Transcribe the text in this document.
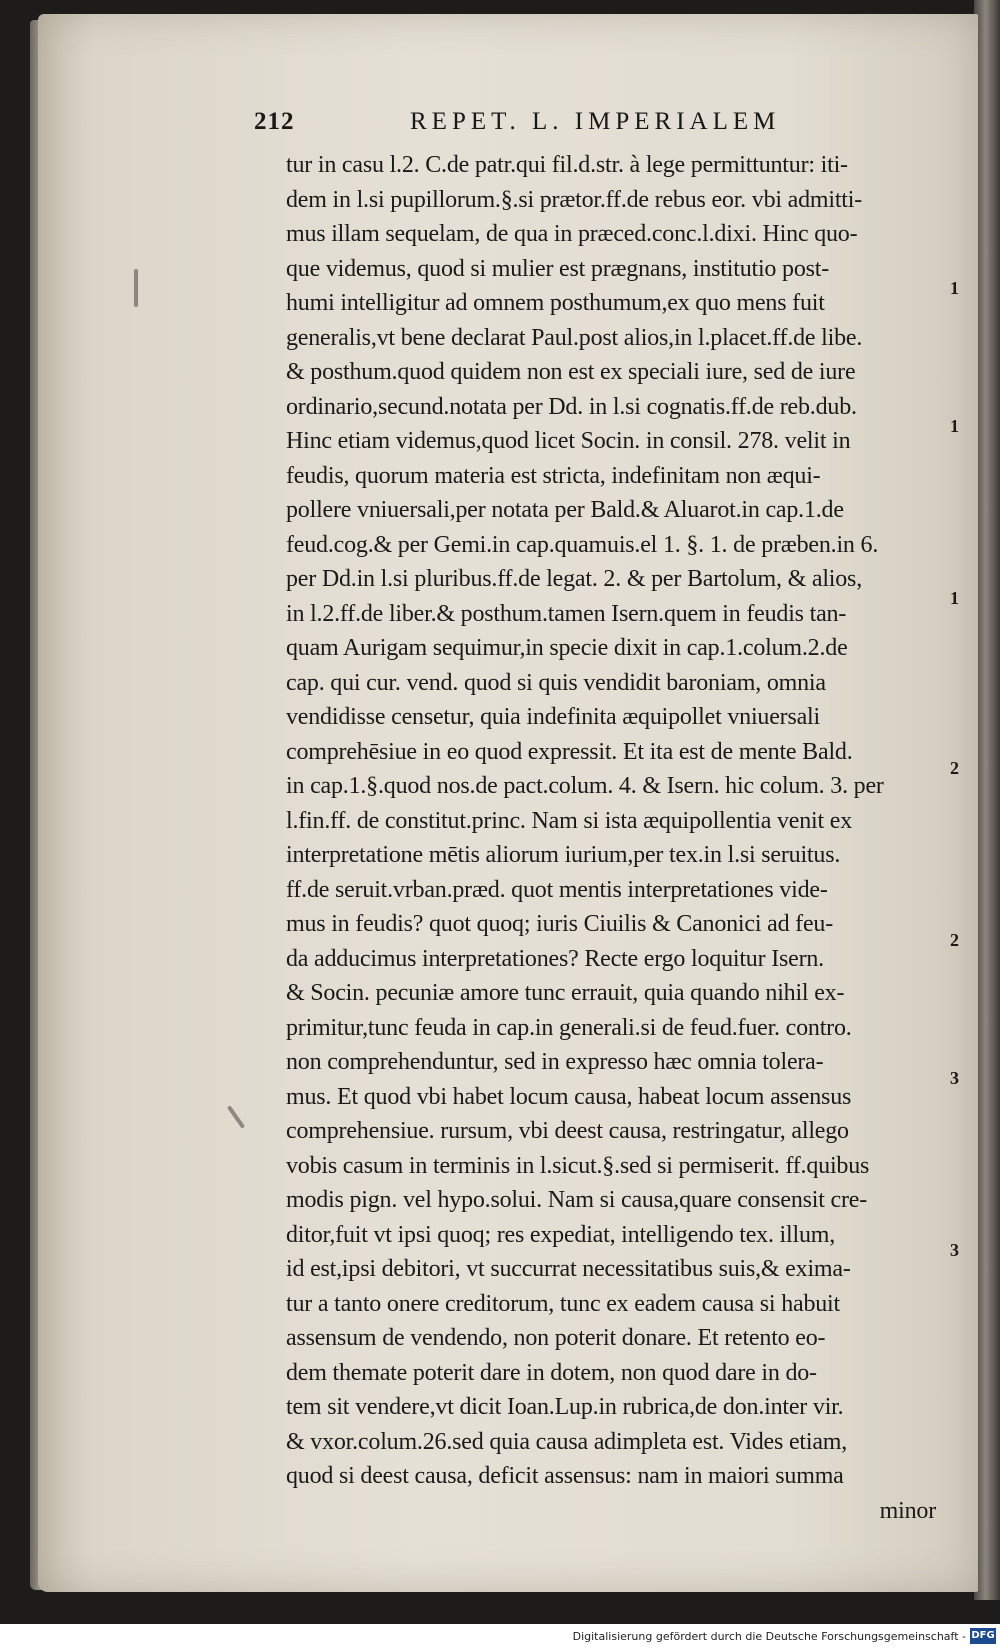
212	REPET. L. IMPERIALEM
tur in casu l.2. C.de patr.qui fil.d.str. à lege permittuntur: iti-
dem in l.si pupillorum.§.si prætor.ff.de rebus eor. vbi admitti-
mus illam sequelam, de qua in præced.conc.l.dixi. Hinc quo-
que videmus, quod si mulier est prægnans, institutio post-
humi intelligitur ad omnem posthumum,ex quo mens fuit
generalis,vt bene declarat Paul.post alios,in l.placet.ff.de libe.
& posthum.quod quidem non est ex speciali iure, sed de iure
ordinario,secund.notata per Dd. in l.si cognatis.ff.de reb.dub.
Hinc etiam videmus,quod licet Socin. in consil. 278. velit in
feudis, quorum materia est stricta, indefinitam non æqui-
pollere vniuersali,per notata per Bald.& Aluarot.in cap.1.de
feud.cog.& per Gemi.in cap.quamuis.el 1. §. 1. de præben.in 6.
per Dd.in l.si pluribus.ff.de legat. 2. & per Bartolum, & alios,
in l.2.ff.de liber.& posthum.tamen Isern.quem in feudis tan-
quam Aurigam sequimur,in specie dixit in cap.1.colum.2.de
cap. qui cur. vend. quod si quis vendidit baroniam, omnia
vendidisse censetur, quia indefinita æquipollet vniuersali
comprehēsiue in eo quod expressit. Et ita est de mente Bald.
in cap.1.§.quod nos.de pact.colum. 4. & Isern. hic colum. 3. per
l.fin.ff. de constitut.princ. Nam si ista æquipollentia venit ex
interpretatione mētis aliorum iurium,per tex.in l.si seruitus.
ff.de seruit.vrban.præd. quot mentis interpretationes vide-
mus in feudis? quot quoq; iuris Ciuilis & Canonici ad feu-
da adducimus interpretationes? Recte ergo loquitur Isern.
& Socin. pecuniæ amore tunc errauit, quia quando nihil ex-
primitur,tunc feuda in cap.in generali.si de feud.fuer. contro.
non comprehenduntur, sed in expresso hæc omnia tolera-
mus. Et quod vbi habet locum causa, habeat locum assensus
comprehensiue. rursum, vbi deest causa, restringatur, allego
vobis casum in terminis in l.sicut.§.sed si permiserit. ff.quibus
modis pign. vel hypo.solui. Nam si causa,quare consensit cre-
ditor,fuit vt ipsi quoq; res expediat, intelligendo tex. illum,
id est,ipsi debitori, vt succurrat necessitatibus suis,& exima-
tur a tanto onere creditorum, tunc ex eadem causa si habuit
assensum de vendendo, non poterit donare. Et retento eo-
dem themate poterit dare in dotem, non quod dare in do-
tem sit vendere,vt dicit Ioan.Lup.in rubrica,de don.inter vir.
& vxor.colum.26.sed quia causa adimpleta est. Vides etiam,
quod si deest causa, deficit assensus: nam in maiori summa
minor
1
1
1
2
2
3
3
Digitalisierung gefördert durch die Deutsche Forschungsgemeinschaft - DFG
